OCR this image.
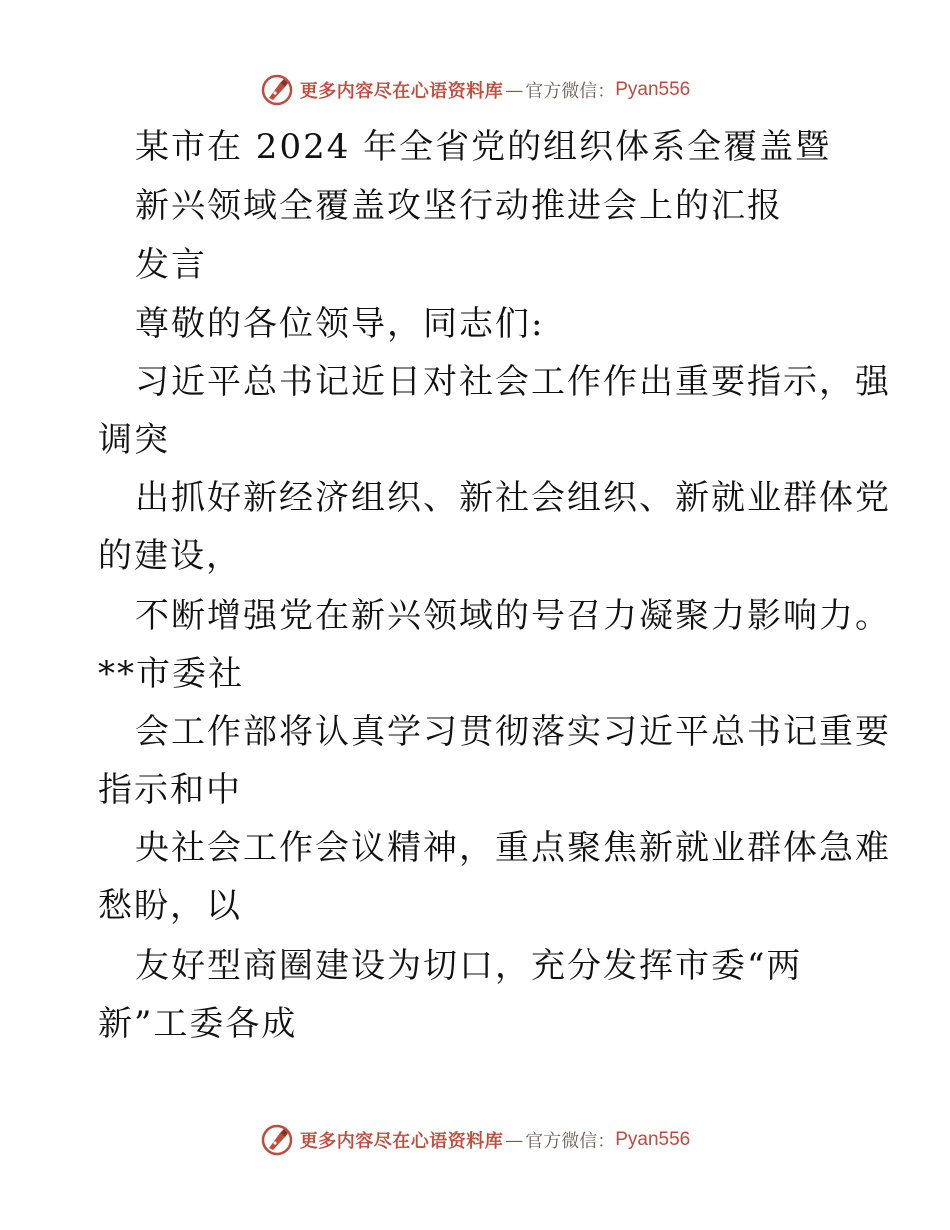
更多内容尽在心语资料库 — 官方微信： Pyan556
某市在 2024 年全省党的组织体系全覆盖暨
新兴领域全覆盖攻坚行动推进会上的汇报
发言
尊敬的各位领导，同志们:
习近平总书记近日对社会工作作出重要指示，强
调突
出抓好新经济组织、新社会组织、新就业群体党
的建设，
不断增强党在新兴领域的号召力凝聚力影响力。
**市委社
会工作部将认真学习贯彻落实习近平总书记重要
指示和中
央社会工作会议精神，重点聚焦新就业群体急难
愁盼，以
友好型商圈建设为切口，充分发挥市委“两
新”工委各成
更多内容尽在心语资料库 — 官方微信： Pyan556
